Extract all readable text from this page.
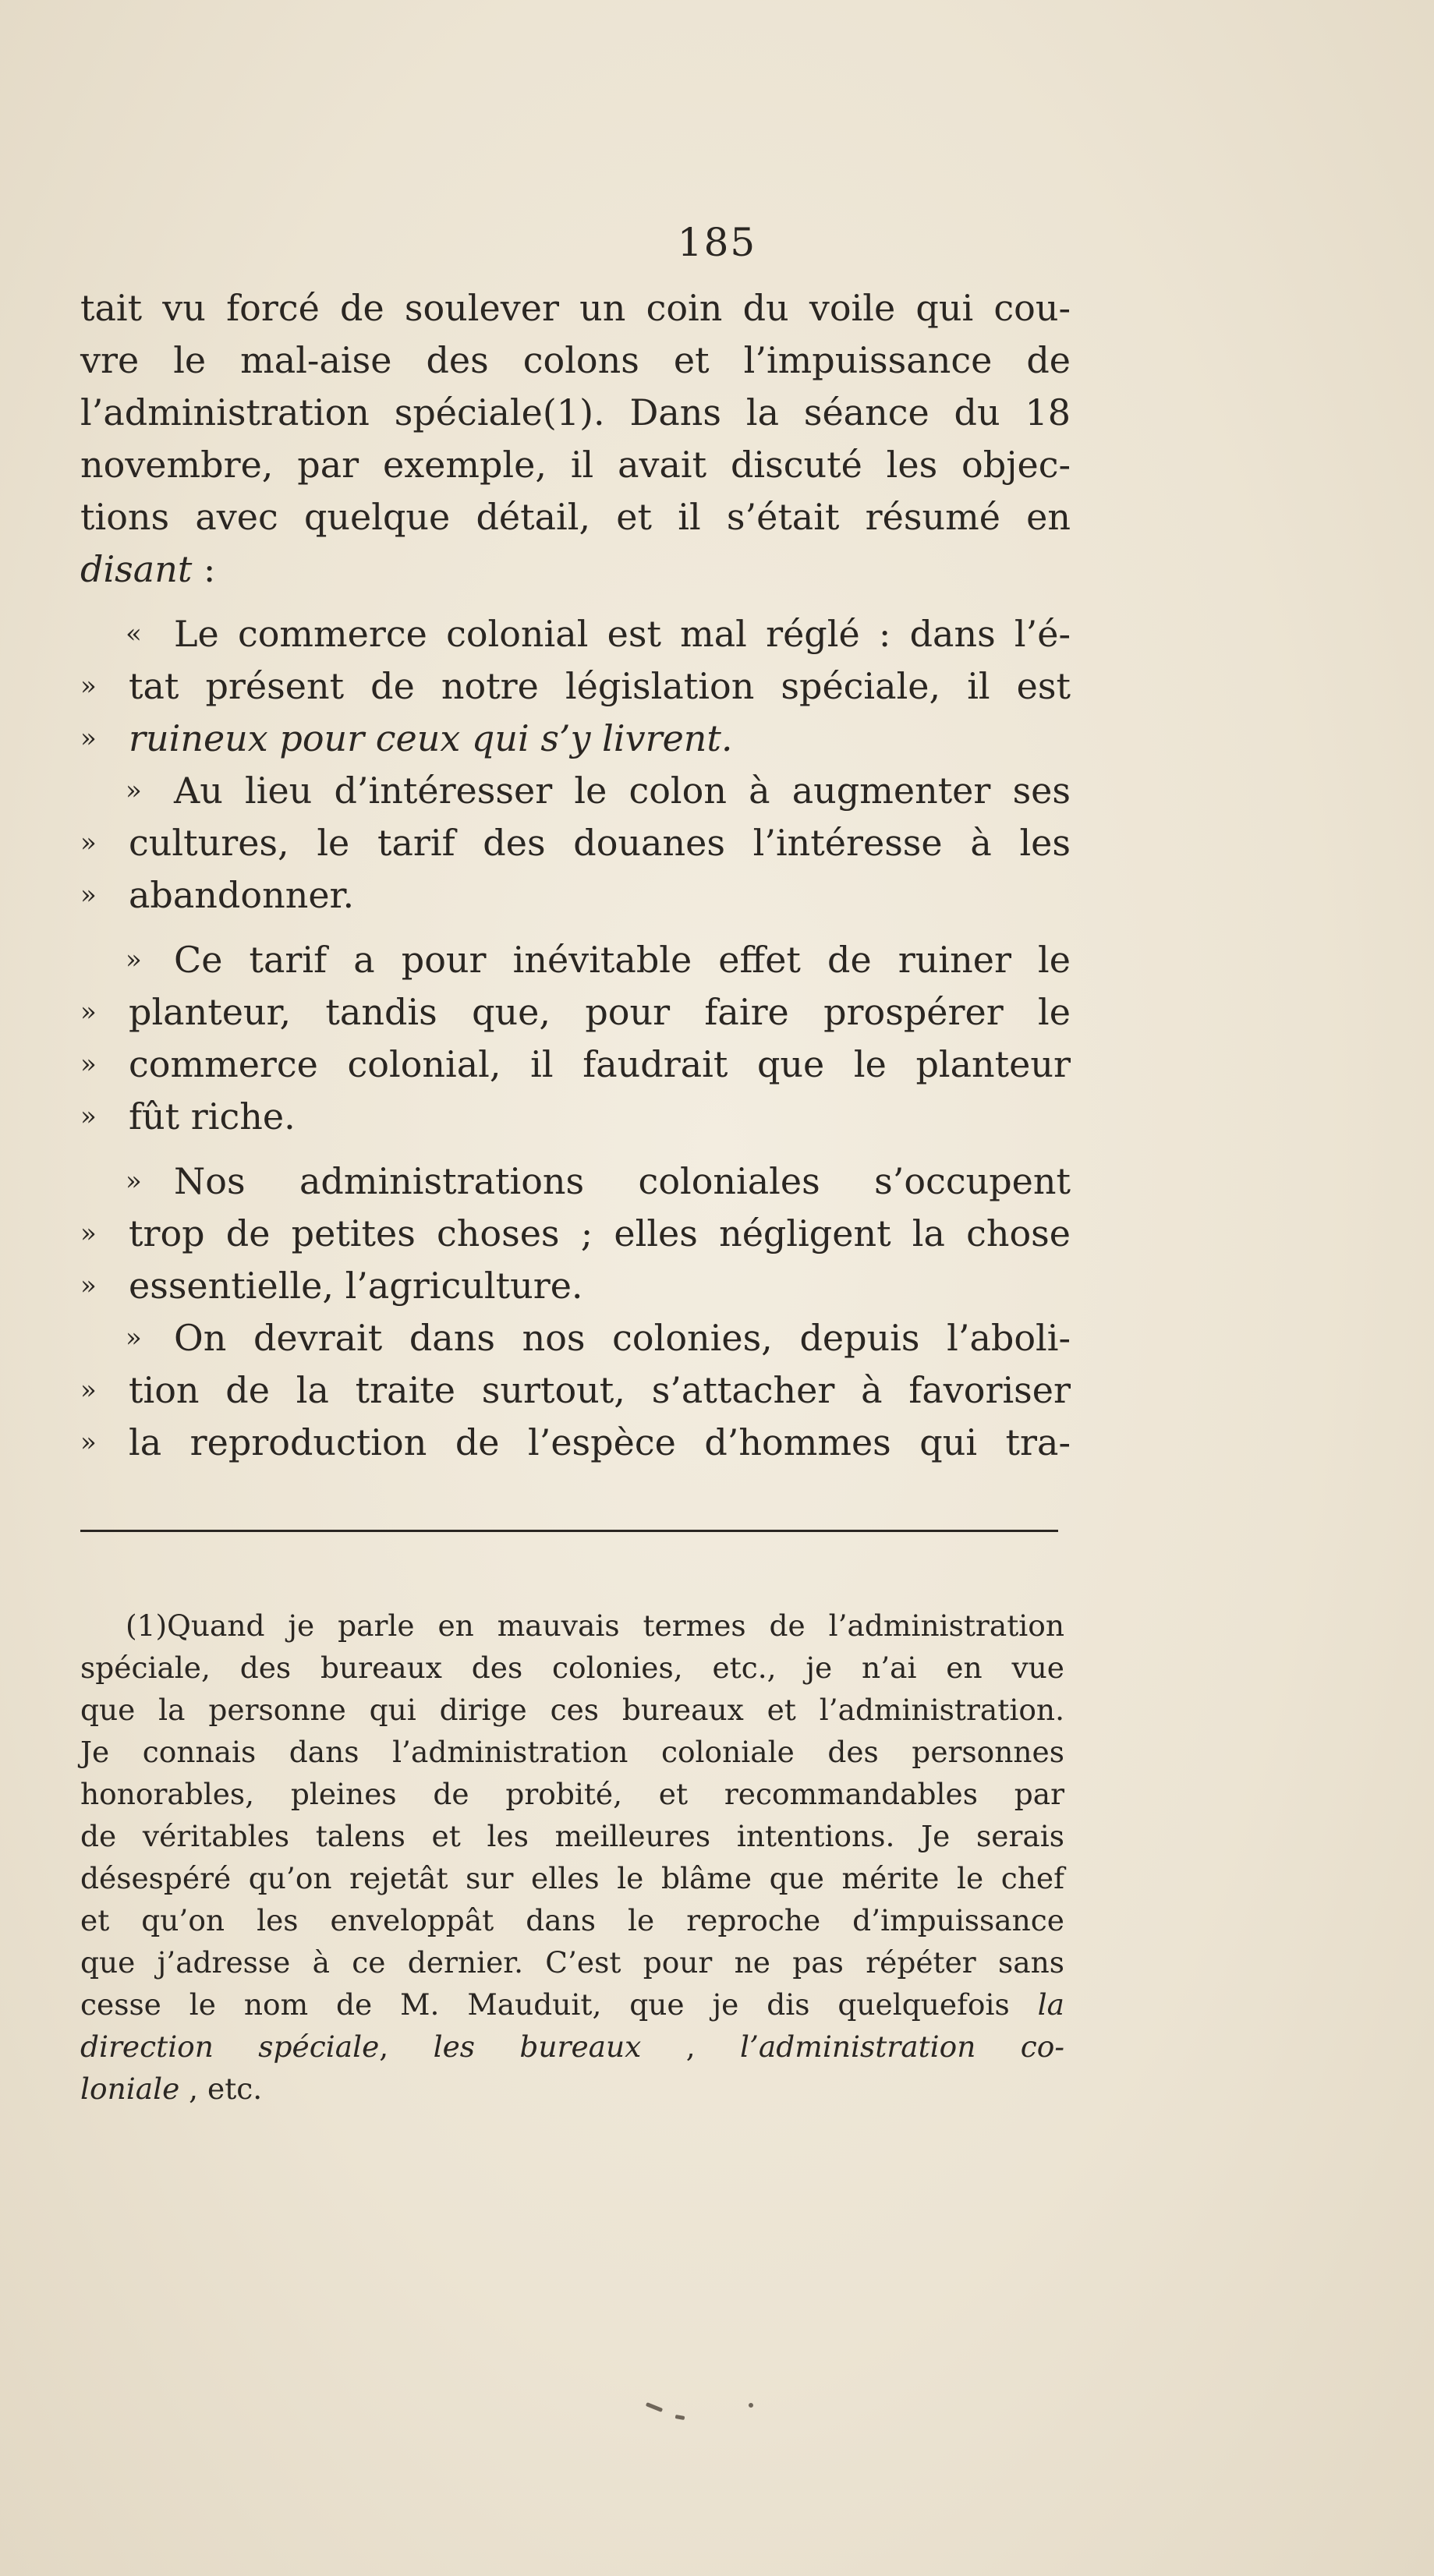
185
tait vu forcé de soulever un coin du voile qui cou-
vre le mal-aise des colons et l’impuissance de
l’administration spéciale(1). Dans la séance du 18
novembre, par exemple, il avait discuté les objec-
tions avec quelque détail, et il s’était résumé en
disant :
« Le commerce colonial est mal réglé : dans l’é-
» tat présent de notre législation spéciale, il est
» ruineux pour ceux qui s’y livrent.
» Au lieu d’intéresser le colon à augmenter ses
» cultures, le tarif des douanes l’intéresse à les
» abandonner.
» Ce tarif a pour inévitable effet de ruiner le
» planteur, tandis que, pour faire prospérer le
» commerce colonial, il faudrait que le planteur
» fût riche.
» Nos administrations coloniales s’occupent
» trop de petites choses ; elles négligent la chose
» essentielle, l’agriculture.
» On devrait dans nos colonies, depuis l’aboli-
» tion de la traite surtout, s’attacher à favoriser
» la reproduction de l’espèce d’hommes qui tra-
(1)Quand je parle en mauvais termes de l’administration
spéciale, des bureaux des colonies, etc., je n’ai en vue
que la personne qui dirige ces bureaux et l’administration.
Je connais dans l’administration coloniale des personnes
honorables, pleines de probité, et recommandables par
de véritables talens et les meilleures intentions. Je serais
désespéré qu’on rejetât sur elles le blâme que mérite le chef
et qu’on les enveloppât dans le reproche d’impuissance
que j’adresse à ce dernier. C’est pour ne pas répéter sans
cesse le nom de M. Mauduit, que je dis quelquefois la
direction spéciale, les bureaux , l’administration co-
loniale , etc.
